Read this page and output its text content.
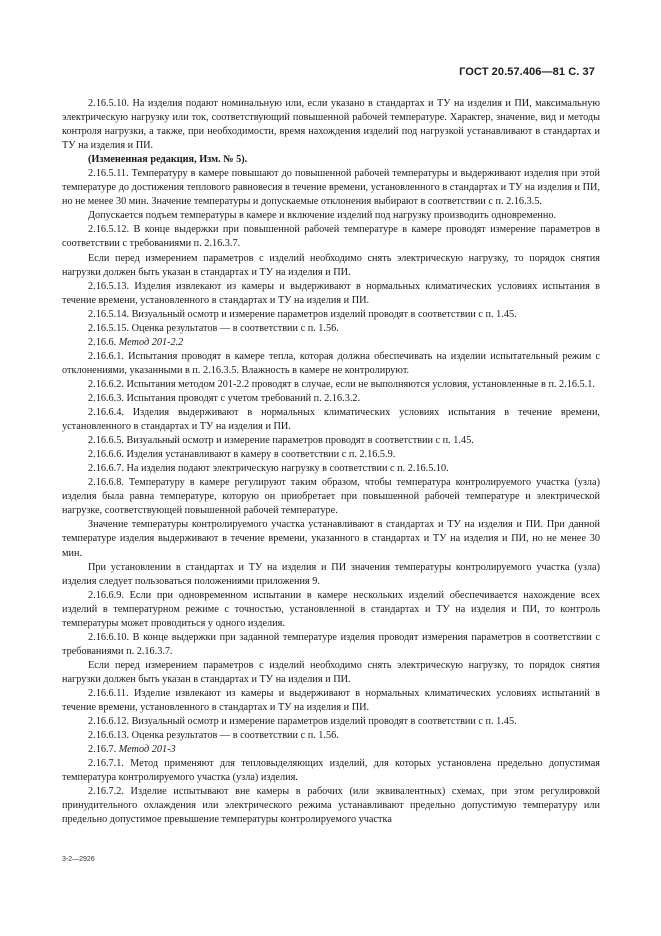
ГОСТ 20.57.406—81 С. 37

2.16.5.10. На изделия подают номинальную или, если указано в стандартах и ТУ на изделия и ПИ, максимальную электрическую нагрузку или ток, соответствующий повышенной рабочей температуре. Характер, значение, вид и методы контроля нагрузки, а также, при необходимости, время нахождения изделий под нагрузкой устанавливают в стандартах и ТУ на изделия и ПИ.

(Измененная редакция, Изм. № 5).

2.16.5.11. Температуру в камере повышают до повышенной рабочей температуры и выдерживают изделия при этой температуре до достижения теплового равновесия в течение времени, установленного в стандартах и ТУ на изделия и ПИ, но не менее 30 мин. Значение температуры и допускаемые отклонения выбирают в соответствии с п. 2.16.3.5.

Допускается подъем температуры в камере и включение изделий под нагрузку производить одновременно.

2.16.5.12. В конце выдержки при повышенной рабочей температуре в камере проводят измерение параметров в соответствии с требованиями п. 2.16.3.7.

Если перед измерением параметров с изделий необходимо снять электрическую нагрузку, то порядок снятия нагрузки должен быть указан в стандартах и ТУ на изделия и ПИ.

2.16.5.13. Изделия извлекают из камеры и выдерживают в нормальных климатических условиях испытания в течение времени, установленного в стандартах и ТУ на изделия и ПИ.

2.16.5.14. Визуальный осмотр и измерение параметров изделий проводят в соответствии с п. 1.45.

2.16.5.15. Оценка результатов — в соответствии с п. 1.56.

2.16.6. Метод 201-2.2

2.16.6.1. Испытания проводят в камере тепла, которая должна обеспечивать на изделии испытательный режим с отклонениями, указанными в п. 2.16.3.5. Влажность в камере не контролируют.

2.16.6.2. Испытания методом 201-2.2 проводят в случае, если не выполняются условия, установленные в п. 2.16.5.1.

2.16.6.3. Испытания проводят с учетом требований п. 2.16.3.2.

2.16.6.4. Изделия выдерживают в нормальных климатических условиях испытания в течение времени, установленного в стандартах и ТУ на изделия и ПИ.

2.16.6.5. Визуальный осмотр и измерение параметров проводят в соответствии с п. 1.45.

2.16.6.6. Изделия устанавливают в камеру в соответствии с п. 2.16.5.9.

2.16.6.7. На изделия подают электрическую нагрузку в соответствии с п. 2.16.5.10.

2.16.6.8. Температуру в камере регулируют таким образом, чтобы температура контролируемого участка (узла) изделия была равна температуре, которую он приобретает при повышенной рабочей температуре и электрической нагрузке, соответствующей повышенной рабочей температуре.

Значение температуры контролируемого участка устанавливают в стандартах и ТУ на изделия и ПИ. При данной температуре изделия выдерживают в течение времени, указанного в стандартах и ТУ на изделия и ПИ, но не менее 30 мин.

При установлении в стандартах и ТУ на изделия и ПИ значения температуры контролируемого участка (узла) изделия следует пользоваться положениями приложения 9.

2.16.6.9. Если при одновременном испытании в камере нескольких изделий обеспечивается нахождение всех изделий в температурном режиме с точностью, установленной в стандартах и ТУ на изделия и ПИ, то контроль температуры может проводиться у одного изделия.

2.16.6.10. В конце выдержки при заданной температуре изделия проводят измерения параметров в соответствии с требованиями п. 2.16.3.7.

Если перед измерением параметров с изделий необходимо снять электрическую нагрузку, то порядок снятия нагрузки должен быть указан в стандартах и ТУ на изделия и ПИ.

2.16.6.11. Изделие извлекают из камеры и выдерживают в нормальных климатических условиях испытаний в течение времени, установленного в стандартах и ТУ на изделия и ПИ.

2.16.6.12. Визуальный осмотр и измерение параметров изделий проводят в соответствии с п. 1.45.

2.16.6.13. Оценка результатов — в соответствии с п. 1.56.

2.16.7. Метод 201-3

2.16.7.1. Метод применяют для тепловыделяющих изделий, для которых установлена предельно допустимая температура контролируемого участка (узла) изделия.

2.16.7.2. Изделие испытывают вне камеры в рабочих (или эквивалентных) схемах, при этом регулировкой принудительного охлаждения или электрического режима устанавливают предельно допустимую температуру или предельно допустимое превышение температуры контролируемого участка

3-2—2926
